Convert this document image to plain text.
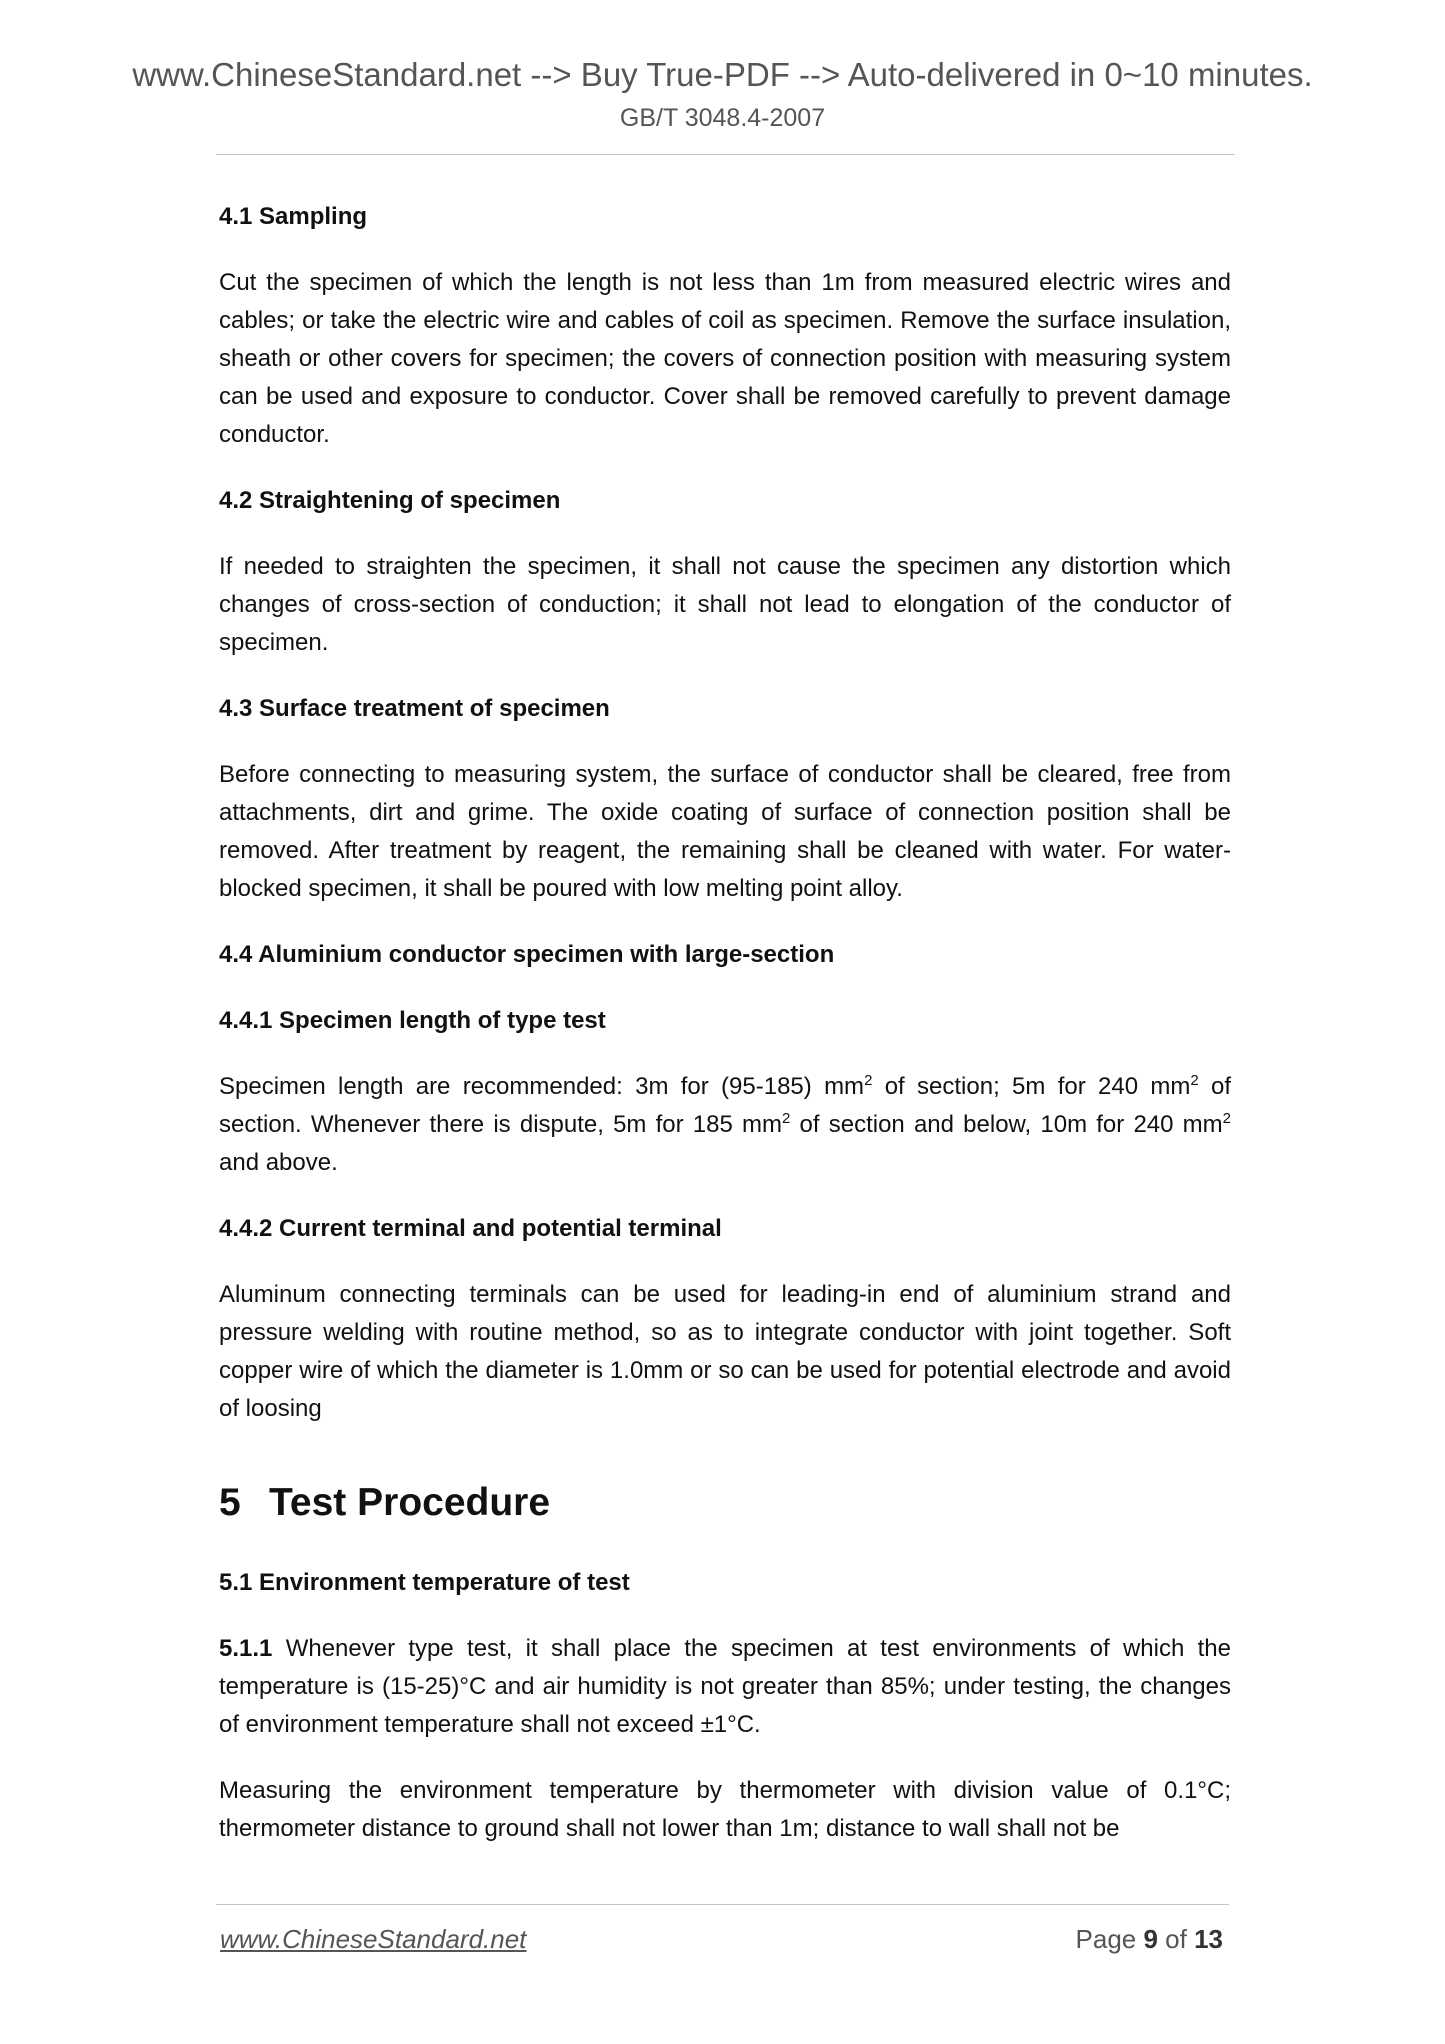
www.ChineseStandard.net --> Buy True-PDF --> Auto-delivered in 0~10 minutes.
GB/T 3048.4-2007
4.1 Sampling
Cut the specimen of which the length is not less than 1m from measured electric wires and cables; or take the electric wire and cables of coil as specimen. Remove the surface insulation, sheath or other covers for specimen; the covers of connection position with measuring system can be used and exposure to conductor. Cover shall be removed carefully to prevent damage conductor.
4.2 Straightening of specimen
If needed to straighten the specimen, it shall not cause the specimen any distortion which changes of cross-section of conduction; it shall not lead to elongation of the conductor of specimen.
4.3 Surface treatment of specimen
Before connecting to measuring system, the surface of conductor shall be cleared, free from attachments, dirt and grime. The oxide coating of surface of connection position shall be removed. After treatment by reagent, the remaining shall be cleaned with water. For water-blocked specimen, it shall be poured with low melting point alloy.
4.4 Aluminium conductor specimen with large-section
4.4.1 Specimen length of type test
Specimen length are recommended: 3m for (95-185) $mm^2$ of section; 5m for 240 $mm^2$ of section. Whenever there is dispute, 5m for 185 $mm^2$ of section and below, 10m for 240 $mm^2$ and above.
4.4.2 Current terminal and potential terminal
Aluminum connecting terminals can be used for leading-in end of aluminium strand and pressure welding with routine method, so as to integrate conductor with joint together. Soft copper wire of which the diameter is 1.0mm or so can be used for potential electrode and avoid of loosing
5 Test Procedure
5.1 Environment temperature of test
5.1.1 Whenever type test, it shall place the specimen at test environments of which the temperature is (15-25)°C and air humidity is not greater than 85%; under testing, the changes of environment temperature shall not exceed ±1°C.
Measuring the environment temperature by thermometer with division value of 0.1°C; thermometer distance to ground shall not lower than 1m; distance to wall shall not be
www.ChineseStandard.net	Page 9 of 13
